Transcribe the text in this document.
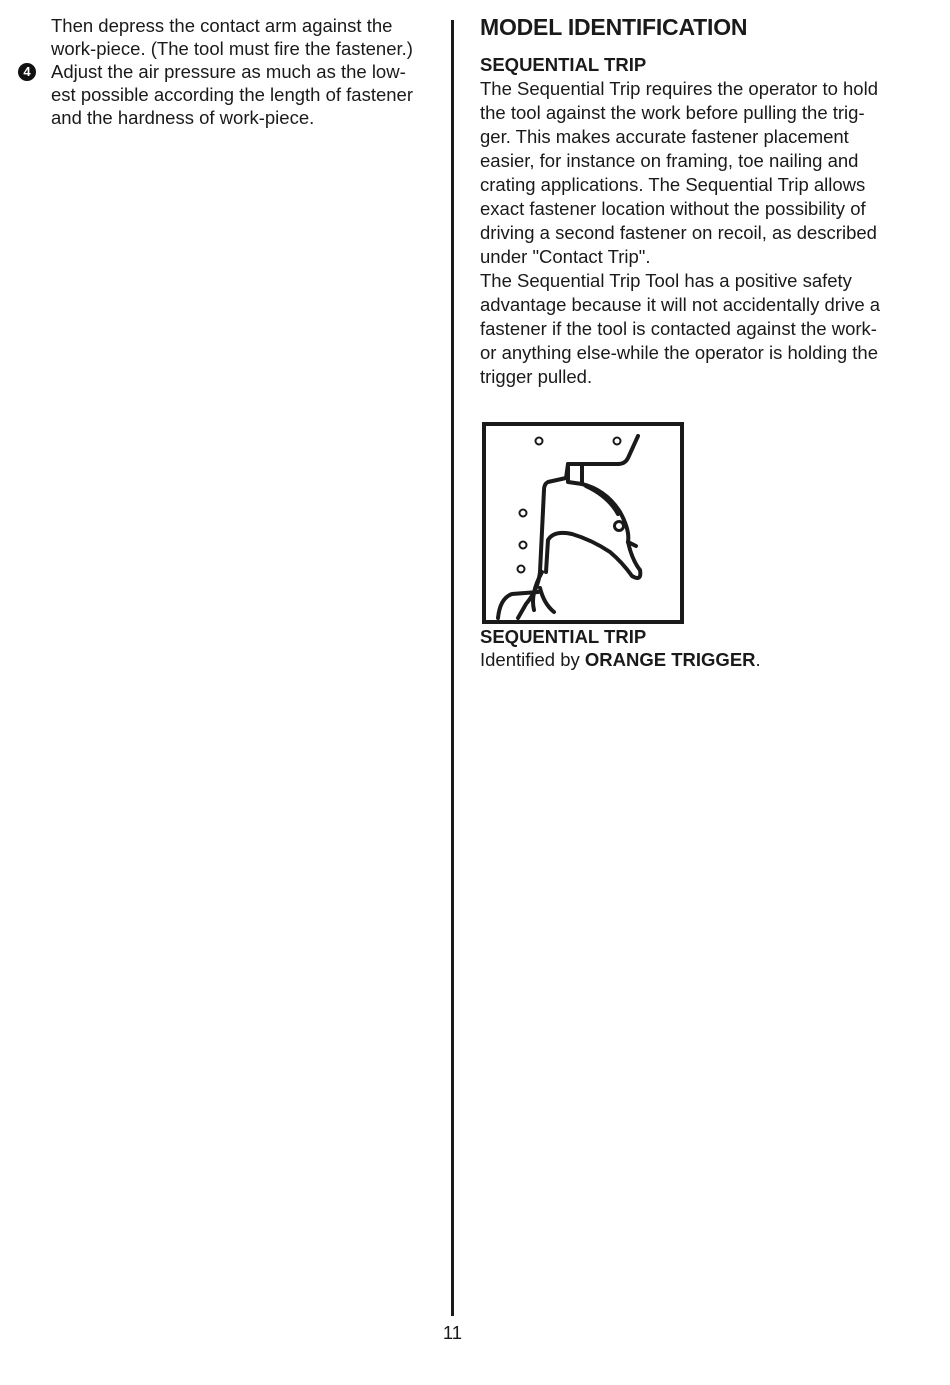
Then depress the contact arm against the
work-piece. (The tool must fire the fastener.)
4 Adjust the air pressure as much as the low-
est possible according the length of fastener
and the hardness of work-piece.
MODEL IDENTIFICATION
SEQUENTIAL TRIP
The Sequential Trip requires the operator to hold
the tool against the work before pulling the trig-
ger. This makes accurate fastener placement
easier, for instance on framing, toe nailing and
crating applications. The Sequential Trip allows
exact fastener location without the possibility of
driving a second fastener on recoil, as described
under "Contact Trip".
The Sequential Trip Tool has a positive safety
advantage because it will not accidentally drive a
fastener if the tool is contacted against the work-
or anything else-while the operator is holding the
trigger pulled.
SEQUENTIAL TRIP
Identified by ORANGE TRIGGER.
11
